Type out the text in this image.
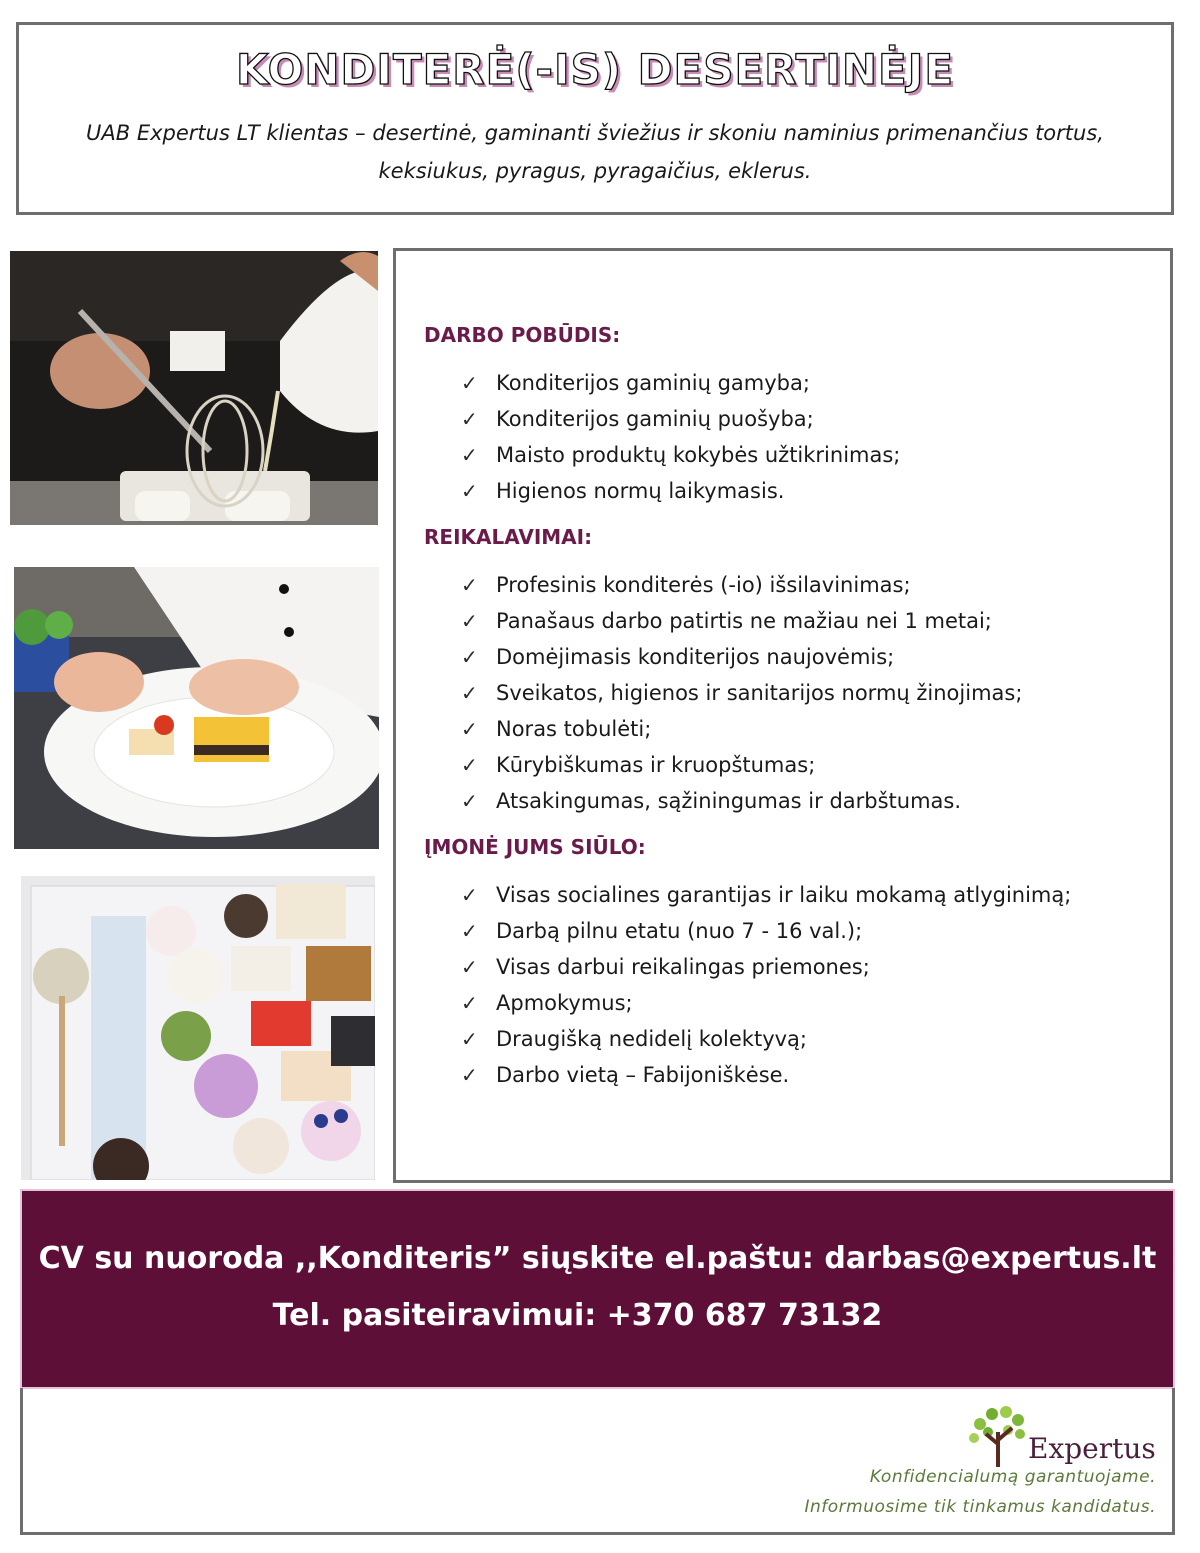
KONDITERĖ(-IS) DESERTINĖJE
UAB Expertus LT klientas – desertinė, gaminanti šviežius ir skoniu naminius primenančius tortus, keksiukus, pyragus, pyragaičius, eklerus.
DARBO POBŪDIS:
✓ Konditerijos gaminių gamyba;
✓ Konditerijos gaminių puošyba;
✓ Maisto produktų kokybės užtikrinimas;
✓ Higienos normų laikymasis.
REIKALAVIMAI:
✓ Profesinis konditerės (-io) išsilavinimas;
✓ Panašaus darbo patirtis ne mažiau nei 1 metai;
✓ Domėjimasis konditerijos naujovėmis;
✓ Sveikatos, higienos ir sanitarijos normų žinojimas;
✓ Noras tobulėti;
✓ Kūrybiškumas ir kruopštumas;
✓ Atsakingumas, sąžiningumas ir darbštumas.
ĮMONĖ JUMS SIŪLO:
✓ Visas socialines garantijas ir laiku mokamą atlyginimą;
✓ Darbą pilnu etatu (nuo 7 - 16 val.);
✓ Visas darbui reikalingas priemones;
✓ Apmokymus;
✓ Draugišką nedidelį kolektyvą;
✓ Darbo vietą – Fabijoniškėse.
CV su nuoroda ,,Konditeris” siųskite el.paštu: darbas@expertus.lt
Tel. pasiteiravimui: +370 687 73132
Expertus
Konfidencialumą garantuojame.
Informuosime tik tinkamus kandidatus.
